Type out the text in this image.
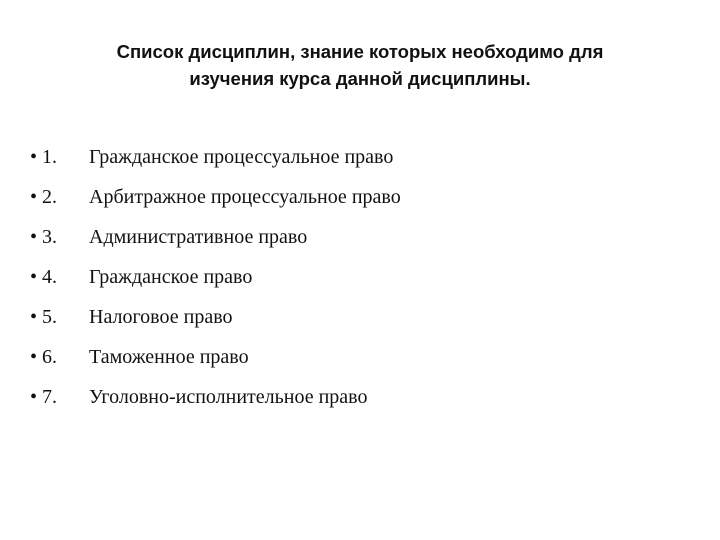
Список дисциплин, знание которых необходимо для
изучения курса данной дисциплины.
• 1. Гражданское процессуальное право
• 2. Арбитражное процессуальное право
• 3. Административное право
• 4. Гражданское право
• 5. Налоговое право
• 6. Таможенное право
• 7. Уголовно-исполнительное право
